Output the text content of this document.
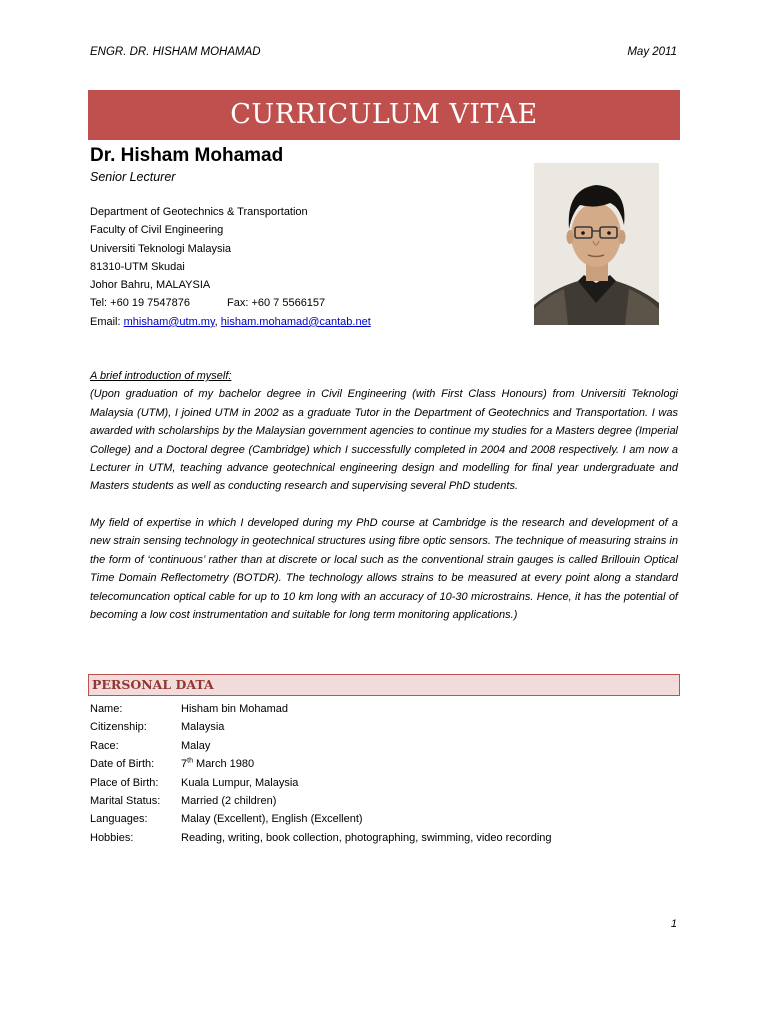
ENGR. DR. HISHAM MOHAMAD	May 2011
CURRICULUM VITAE
Dr. Hisham Mohamad
Senior Lecturer
Department of Geotechnics & Transportation
Faculty of Civil Engineering
Universiti Teknologi Malaysia
81310-UTM Skudai
Johor Bahru, MALAYSIA
Tel: +60 19 7547876	Fax: +60 7 5566157
Email: mhisham@utm.my, hisham.mohamad@cantab.net

A brief introduction of myself:

(Upon graduation of my bachelor degree in Civil Engineering (with First Class Honours) from Universiti Teknologi Malaysia (UTM), I joined UTM in 2002 as a graduate Tutor in the Department of Geotechnics and Transportation. I was awarded with scholarships by the Malaysian government agencies to continue my studies for a Masters degree (Imperial College) and a Doctoral degree (Cambridge) which I successfully completed in 2004 and 2008 respectively. I am now a Lecturer in UTM, teaching advance geotechnical engineering design and modelling for final year undergraduate and Masters students as well as conducting research and supervising several PhD students.

My field of expertise in which I developed during my PhD course at Cambridge is the research and development of a new strain sensing technology in geotechnical structures using fibre optic sensors. The technique of measuring strains in the form of ‘continuous’ rather than at discrete or local such as the conventional strain gauges is called Brillouin Optical Time Domain Reflectometry (BOTDR). The technology allows strains to be measured at every point along a standard telecomuncation optical cable for up to 10 km long with an accuracy of 10-30 microstrains. Hence, it has the potential of becoming a low cost instrumentation and suitable for long term monitoring applications.)

PERSONAL DATA
Name:	Hisham bin Mohamad
Citizenship:	Malaysia
Race:	Malay
Date of Birth:	7th March 1980
Place of Birth:	Kuala Lumpur, Malaysia
Marital Status:	Married (2 children)
Languages:	Malay (Excellent), English (Excellent)
Hobbies:	Reading, writing, book collection, photographing, swimming, video recording
1
